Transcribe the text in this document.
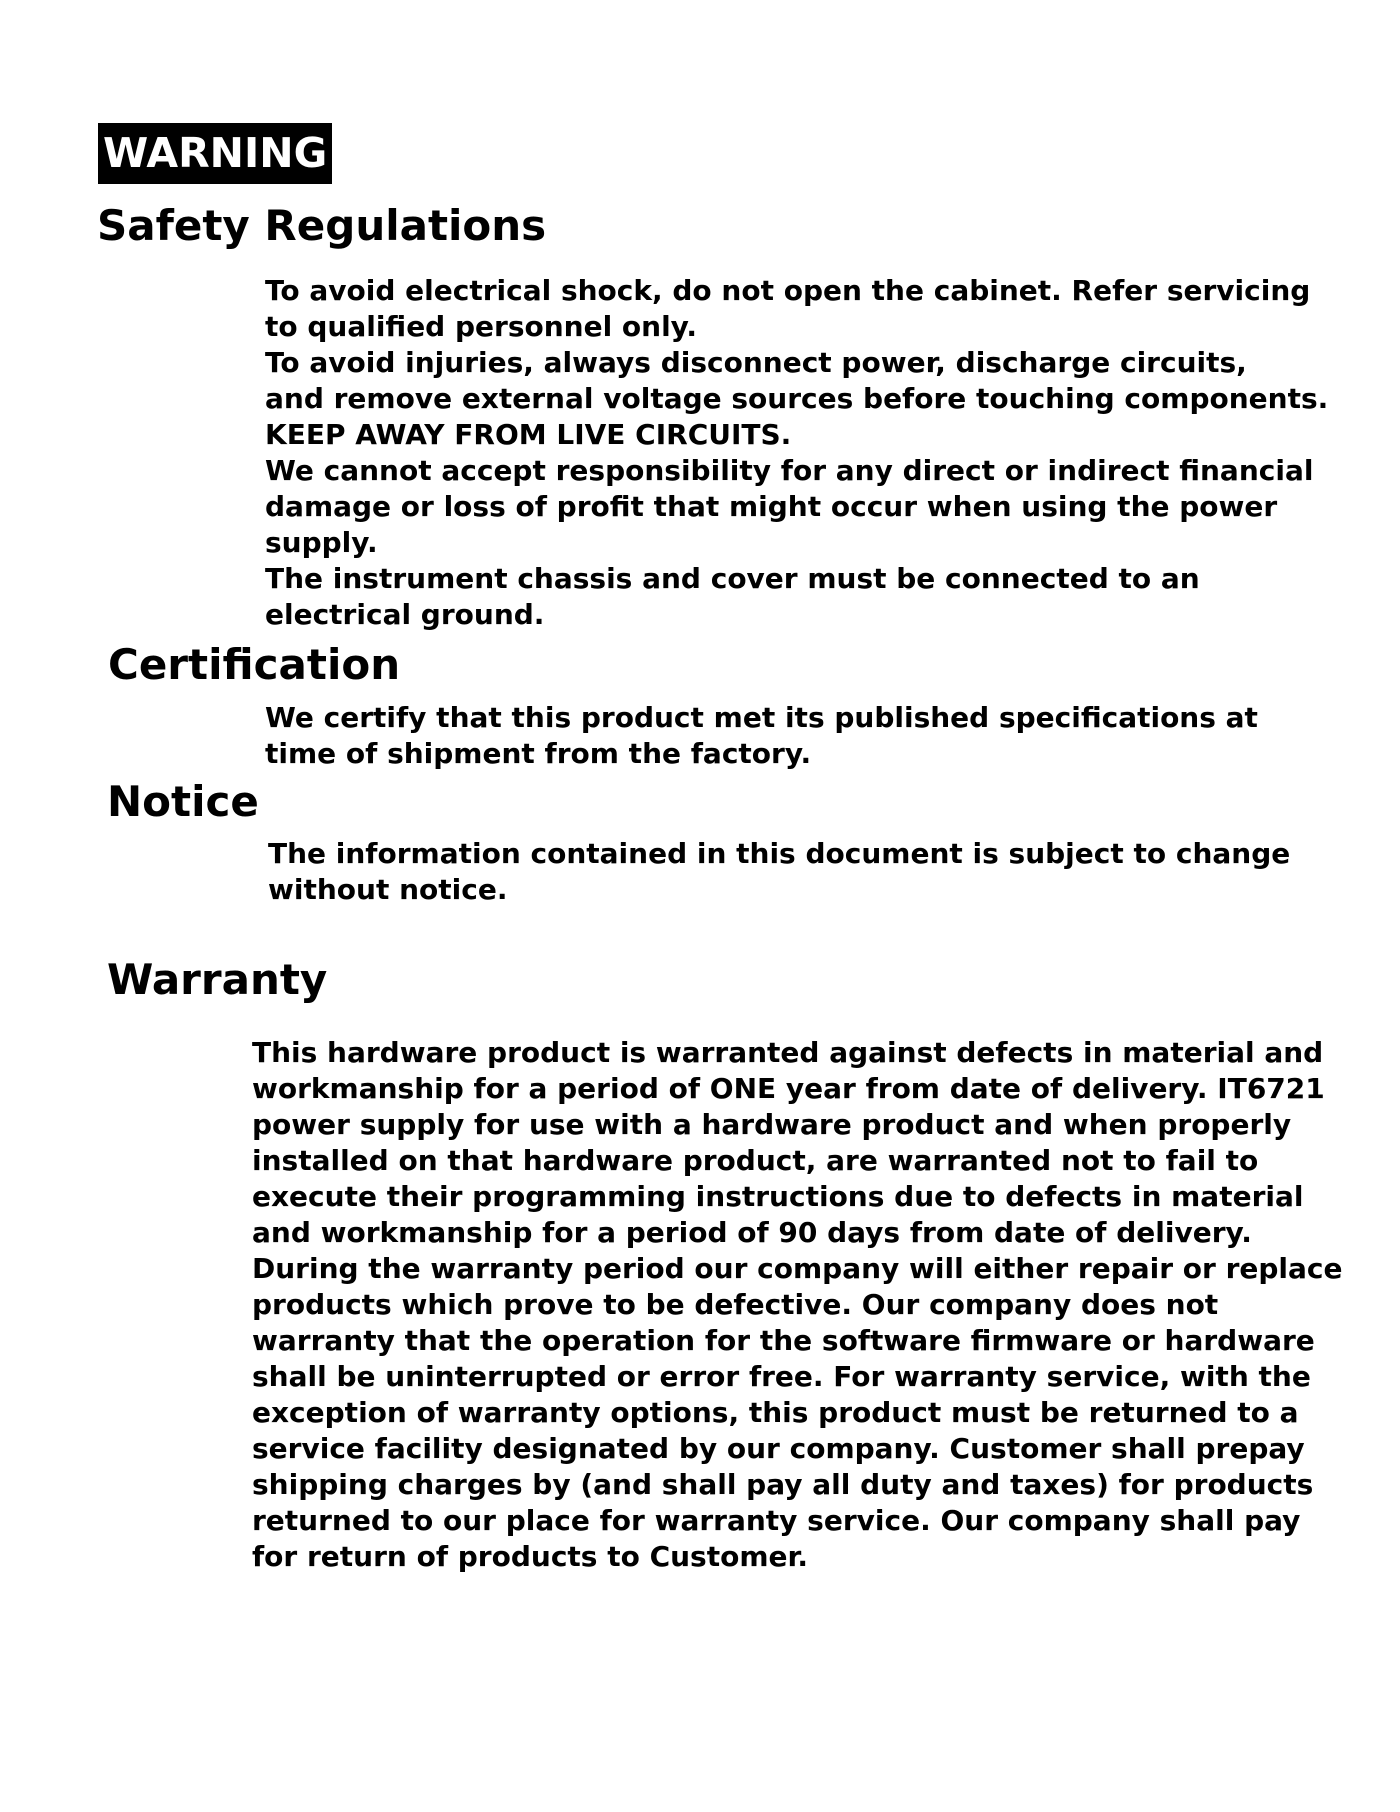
WARNING
Safety Regulations
To avoid electrical shock, do not open the cabinet. Refer servicing
to qualified personnel only.
To avoid injuries, always disconnect power, discharge circuits,
and remove external voltage sources before touching components.
KEEP AWAY FROM LIVE CIRCUITS.
We cannot accept responsibility for any direct or indirect financial
damage or loss of profit that might occur when using the power
supply.
The instrument chassis and cover must be connected to an
electrical ground.
Certification
We certify that this product met its published specifications at
time of shipment from the factory.
Notice
The information contained in this document is subject to change
without notice.
Warranty
This hardware product is warranted against defects in material and
workmanship for a period of ONE year from date of delivery. IT6721
power supply for use with a hardware product and when properly
installed on that hardware product, are warranted not to fail to
execute their programming instructions due to defects in material
and workmanship for a period of 90 days from date of delivery.
During the warranty period our company will either repair or replace
products which prove to be defective. Our company does not
warranty that the operation for the software firmware or hardware
shall be uninterrupted or error free. For warranty service, with the
exception of warranty options, this product must be returned to a
service facility designated by our company. Customer shall prepay
shipping charges by (and shall pay all duty and taxes) for products
returned to our place for warranty service. Our company shall pay
for return of products to Customer.
